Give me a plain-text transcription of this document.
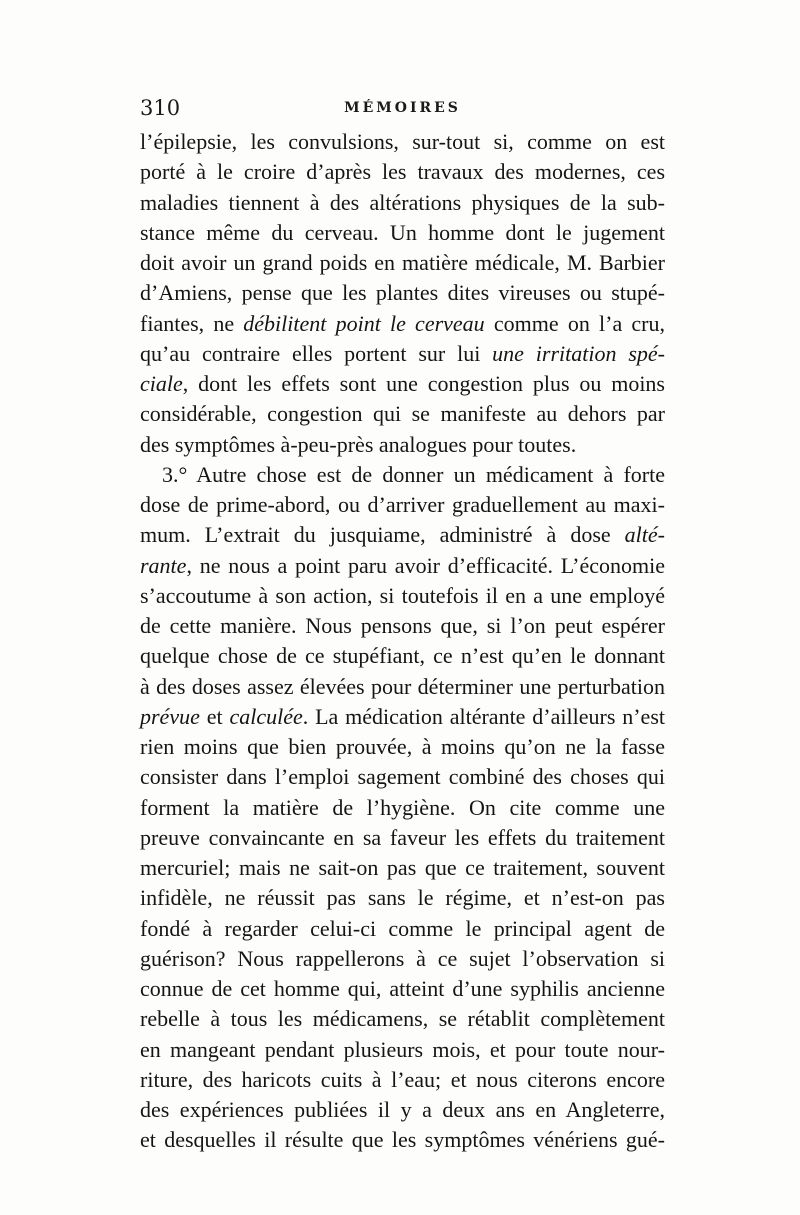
310	MÉMOIRES
l’épilepsie, les convulsions, sur-tout si, comme on est
porté à le croire d’après les travaux des modernes, ces
maladies tiennent à des altérations physiques de la sub-
stance même du cerveau. Un homme dont le jugement
doit avoir un grand poids en matière médicale, M. Barbier
d’Amiens, pense que les plantes dites vireuses ou stupé-
fiantes, ne débilitent point le cerveau comme on l’a cru,
qu’au contraire elles portent sur lui une irritation spé-
ciale, dont les effets sont une congestion plus ou moins
considérable, congestion qui se manifeste au dehors par
des symptômes à-peu-près analogues pour toutes.
3.° Autre chose est de donner un médicament à forte
dose de prime-abord, ou d’arriver graduellement au maxi-
mum. L’extrait du jusquiame, administré à dose alté-
rante, ne nous a point paru avoir d’efficacité. L’économie
s’accoutume à son action, si toutefois il en a une employé
de cette manière. Nous pensons que, si l’on peut espérer
quelque chose de ce stupéfiant, ce n’est qu’en le donnant
à des doses assez élevées pour déterminer une perturbation
prévue et calculée. La médication altérante d’ailleurs n’est
rien moins que bien prouvée, à moins qu’on ne la fasse
consister dans l’emploi sagement combiné des choses qui
forment la matière de l’hygiène. On cite comme une
preuve convaincante en sa faveur les effets du traitement
mercuriel; mais ne sait-on pas que ce traitement, souvent
infidèle, ne réussit pas sans le régime, et n’est-on pas
fondé à regarder celui-ci comme le principal agent de
guérison? Nous rappellerons à ce sujet l’observation si
connue de cet homme qui, atteint d’une syphilis ancienne
rebelle à tous les médicamens, se rétablit complètement
en mangeant pendant plusieurs mois, et pour toute nour-
riture, des haricots cuits à l’eau; et nous citerons encore
des expériences publiées il y a deux ans en Angleterre,
et desquelles il résulte que les symptômes vénériens gué-
